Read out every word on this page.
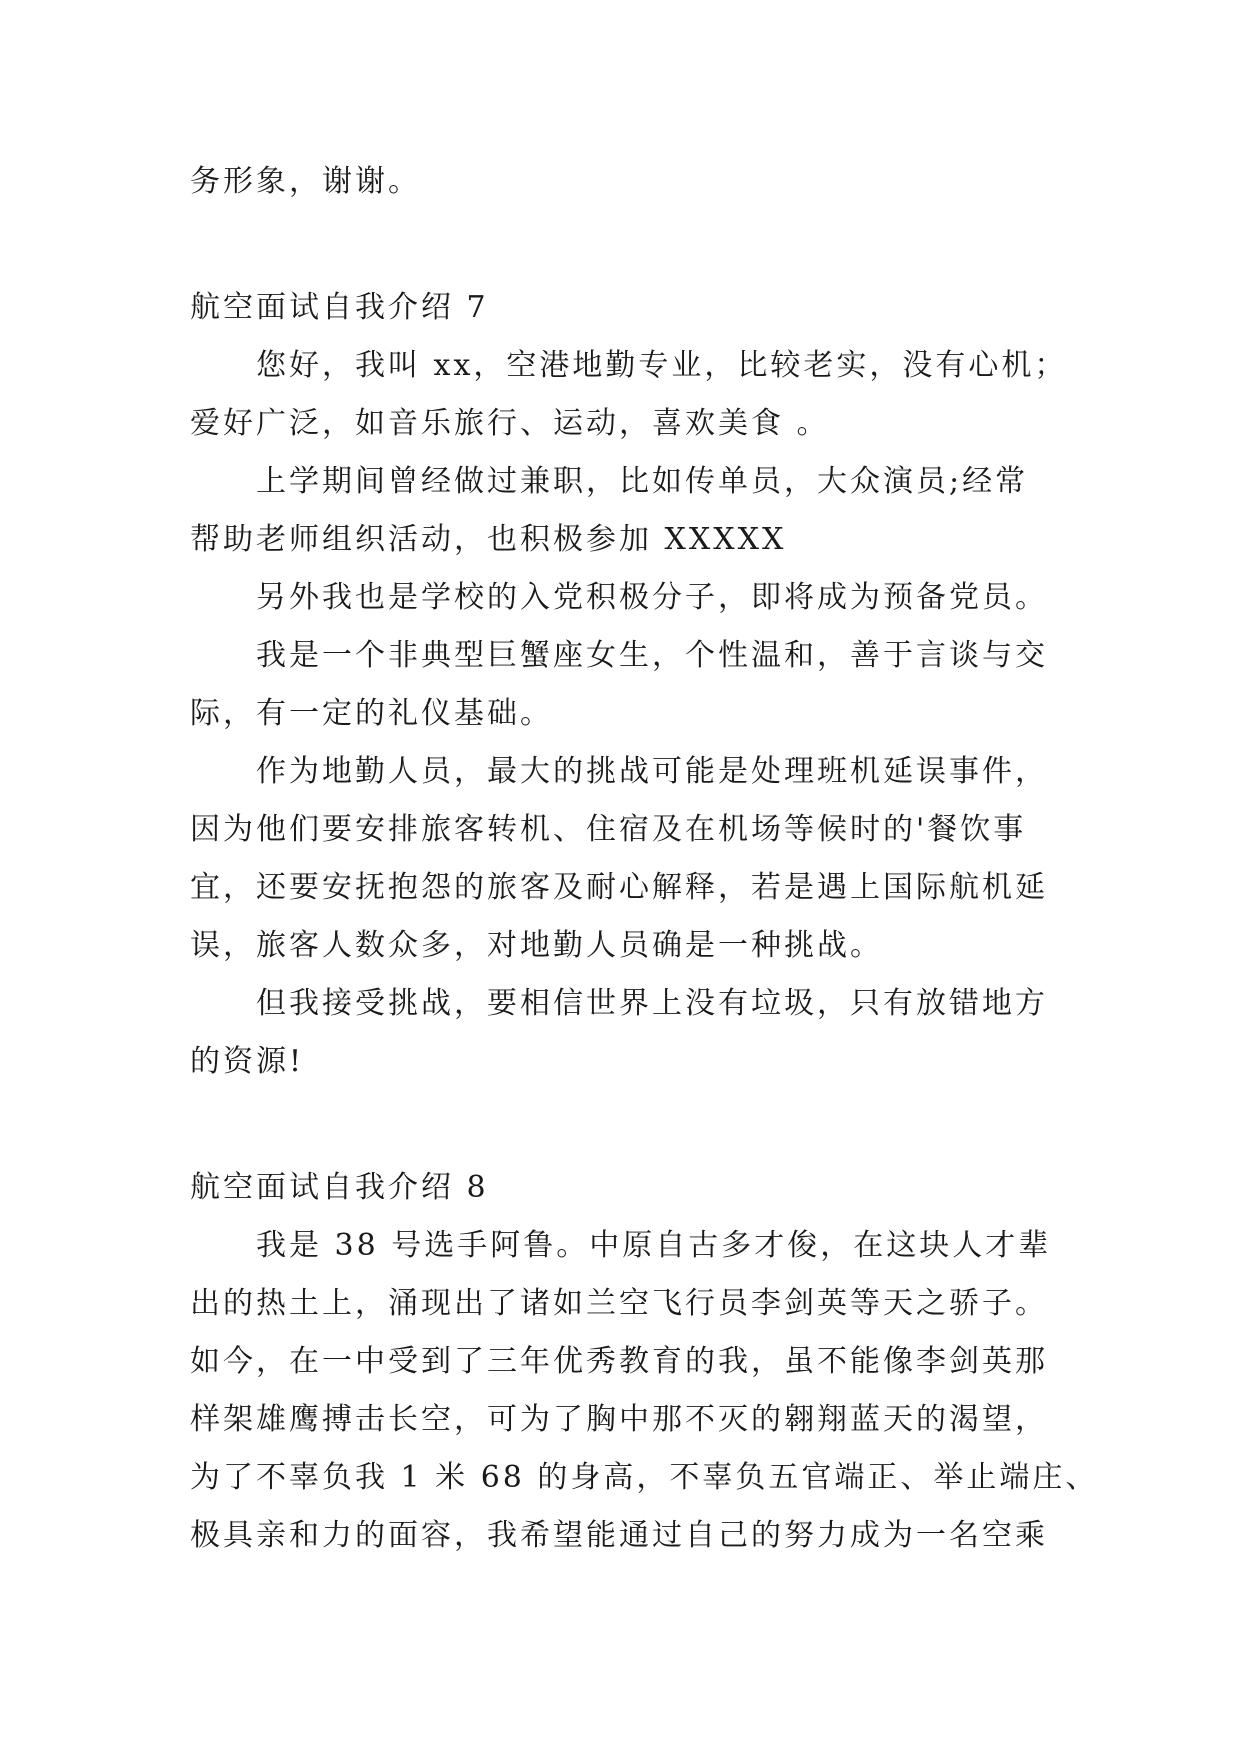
务形象，谢谢。
航空面试自我介绍 7
您好，我叫 xx，空港地勤专业，比较老实，没有心机；
爱好广泛，如音乐旅行、运动，喜欢美食 。
上学期间曾经做过兼职，比如传单员，大众演员;经常
帮助老师组织活动，也积极参加 XXXXX
另外我也是学校的入党积极分子，即将成为预备党员。
我是一个非典型巨蟹座女生，个性温和，善于言谈与交
际，有一定的礼仪基础。
作为地勤人员，最大的挑战可能是处理班机延误事件，
因为他们要安排旅客转机、住宿及在机场等候时的'餐饮事
宜，还要安抚抱怨的旅客及耐心解释，若是遇上国际航机延
误，旅客人数众多，对地勤人员确是一种挑战。
但我接受挑战，要相信世界上没有垃圾，只有放错地方
的资源!
航空面试自我介绍 8
我是 38 号选手阿鲁。中原自古多才俊，在这块人才辈
出的热土上，涌现出了诸如兰空飞行员李剑英等天之骄子。
如今，在一中受到了三年优秀教育的我，虽不能像李剑英那
样架雄鹰搏击长空，可为了胸中那不灭的翱翔蓝天的渴望，
为了不辜负我 1 米 68 的身高，不辜负五官端正、举止端庄、
极具亲和力的面容，我希望能通过自己的努力成为一名空乘
